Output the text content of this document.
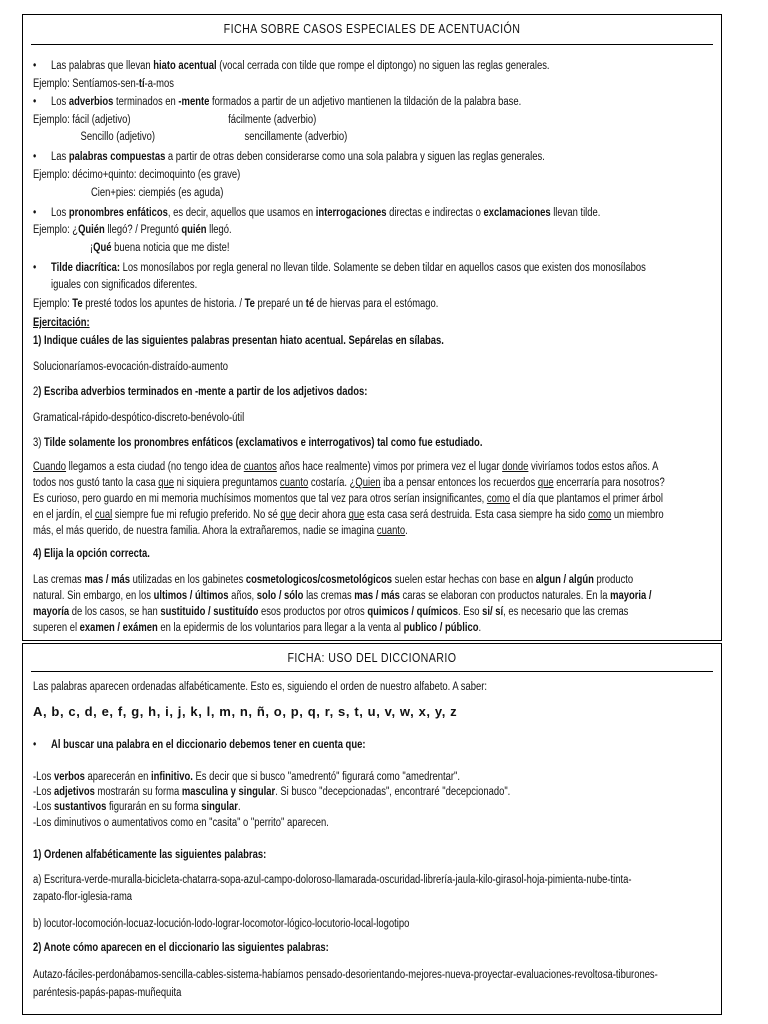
FICHA SOBRE CASOS ESPECIALES DE ACENTUACIÓN
• Las palabras que llevan hiato acentual (vocal cerrada con tilde que rompe el diptongo) no siguen las reglas generales.
Ejemplo: Sentíamos-sen-tí-a-mos
• Los adverbios terminados en -mente formados a partir de un adjetivo mantienen la tildación de la palabra base.
Ejemplo: fácil (adjetivo)	fácilmente (adverbio)
Sencillo (adjetivo)	sencillamente (adverbio)
• Las palabras compuestas a partir de otras deben considerarse como una sola palabra y siguen las reglas generales.
Ejemplo: décimo+quinto: decimoquinto (es grave)
Cien+pies: ciempiés (es aguda)
• Los pronombres enfáticos, es decir, aquellos que usamos en interrogaciones directas e indirectas o exclamaciones llevan tilde.
Ejemplo: ¿Quién llegó? / Preguntó quién llegó.
¡Qué buena noticia que me diste!
• Tilde diacrítica: Los monosílabos por regla general no llevan tilde. Solamente se deben tildar en aquellos casos que existen dos monosílabos
iguales con significados diferentes.
Ejemplo: Te presté todos los apuntes de historia. / Te preparé un té de hiervas para el estómago.
Ejercitación:
1) Indique cuáles de las siguientes palabras presentan hiato acentual. Sepárelas en sílabas.
Solucionaríamos-evocación-distraído-aumento
2) Escriba adverbios terminados en -mente a partir de los adjetivos dados:
Gramatical-rápido-despótico-discreto-benévolo-útil
3) Tilde solamente los pronombres enfáticos (exclamativos e interrogativos) tal como fue estudiado.
Cuando llegamos a esta ciudad (no tengo idea de cuantos años hace realmente) vimos por primera vez el lugar donde viviríamos todos estos años. A
todos nos gustó tanto la casa que ni siquiera preguntamos cuanto costaría. ¿Quien iba a pensar entonces los recuerdos que encerraría para nosotros?
Es curioso, pero guardo en mi memoria muchísimos momentos que tal vez para otros serían insignificantes, como el día que plantamos el primer árbol
en el jardín, el cual siempre fue mi refugio preferido. No sé que decir ahora que esta casa será destruida. Esta casa siempre ha sido como un miembro
más, el más querido, de nuestra familia. Ahora la extrañaremos, nadie se imagina cuanto.
4) Elija la opción correcta.
Las cremas mas / más utilizadas en los gabinetes cosmetologicos/cosmetológicos suelen estar hechas con base en algun / algún producto
natural. Sin embargo, en los ultimos / últimos años, solo / sólo las cremas mas / más caras se elaboran con productos naturales. En la mayoria /
mayoría de los casos, se han sustituido / sustituído esos productos por otros quimicos / químicos. Eso si/ sí, es necesario que las cremas
superen el examen / exámen en la epidermis de los voluntarios para llegar a la venta al publico / público.
FICHA: USO DEL DICCIONARIO
Las palabras aparecen ordenadas alfabéticamente. Esto es, siguiendo el orden de nuestro alfabeto. A saber:
A, b, c, d, e, f, g, h, i, j, k, l, m, n, ñ, o, p, q, r, s, t, u, v, w, x, y, z
• Al buscar una palabra en el diccionario debemos tener en cuenta que:
-Los verbos aparecerán en infinitivo. Es decir que si busco "amedrentó" figurará como "amedrentar".
-Los adjetivos mostrarán su forma masculina y singular. Si busco "decepcionadas", encontraré "decepcionado".
-Los sustantivos figurarán en su forma singular.
-Los diminutivos o aumentativos como en "casita" o "perrito" aparecen.
1) Ordenen alfabéticamente las siguientes palabras:
a) Escritura-verde-muralla-bicicleta-chatarra-sopa-azul-campo-doloroso-llamarada-oscuridad-librería-jaula-kilo-girasol-hoja-pimienta-nube-tinta-
zapato-flor-iglesia-rama
b) locutor-locomoción-locuaz-locución-lodo-lograr-locomotor-lógico-locutorio-local-logotipo
2) Anote cómo aparecen en el diccionario las siguientes palabras:
Autazo-fáciles-perdonábamos-sencilla-cables-sistema-habíamos pensado-desorientando-mejores-nueva-proyectar-evaluaciones-revoltosa-tiburones-
paréntesis-papás-papas-muñequita
